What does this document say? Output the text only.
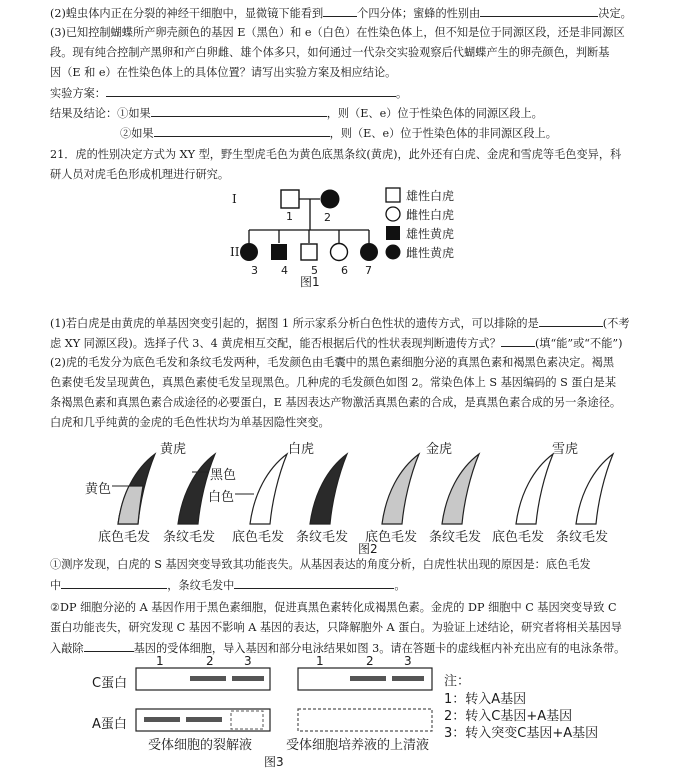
(2)蝗虫体内正在分裂的神经干细胞中，显微镜下能看到	个四分体；蜜蜂的性别由	决定。
(3)已知控制蝴蝶所产卵壳颜色的基因 E（黑色）和 e（白色）在性染色体上，但不知是位于同源区段，还是非同源区
段。现有纯合控制产黑卵和产白卵雌、雄个体多只，如何通过一代杂交实验观察后代蝴蝶产生的卵壳颜色，判断基
因（E 和 e）在性染色体上的具体位置？请写出实验方案及相应结论。
实验方案：	。
结果及结论：①如果	，则（E、e）位于性染色体的同源区段上。
②如果	，则（E、e）位于性染色体的非同源区段上。
21．虎的性别决定方式为 XY 型，野生型虎毛色为黄色底黑条纹(黄虎)，此外还有白虎、金虎和雪虎等毛色变异，科
研人员对虎毛色形成机理进行研究。
I
II
1	2
3 4 5 6 7
雄性白虎
雌性白虎
雄性黄虎
雌性黄虎
图1
(1)若白虎是由黄虎的单基因突变引起的，据图 1 所示家系分析白色性状的遗传方式，可以排除的是	(不考
虑 XY 同源区段)。选择子代 3、4 黄虎相互交配，能否根据后代的性状表现判断遗传方式？	(填“能”或“不能”)
(2)虎的毛发分为底色毛发和条纹毛发两种，毛发颜色由毛囊中的黑色素细胞分泌的真黑色素和褐黑色素决定。褐黑
色素使毛发呈现黄色，真黑色素使毛发呈现黑色。几种虎的毛发颜色如图 2。常染色体上 S 基因编码的 S 蛋白是某
条褐黑色素和真黑色素合成途径的必要蛋白，E 基因表达产物激活真黑色素的合成，是真黑色素合成的另一条途径。
白虎和几乎纯黄的金虎的毛色性状均为单基因隐性突变。
黄虎	白虎	金虎	雪虎
黄色
黑色
白色
底色毛发 条纹毛发 底色毛发 条纹毛发 底色毛发 条纹毛发 底色毛发 条纹毛发
图2
①测序发现，白虎的 S 基因突变导致其功能丧失。从基因表达的角度分析，白虎性状出现的原因是：底色毛发
中	，条纹毛发中	。
②DP 细胞分泌的 A 基因作用于黑色素细胞，促进真黑色素转化成褐黑色素。金虎的 DP 细胞中 C 基因突变导致 C
蛋白功能丧失，研究发现 C 基因不影响 A 基因的表达，只降解胞外 A 蛋白。为验证上述结论，研究者将相关基因导
入敲除	基因的受体细胞，导入基因和部分电泳结果如图 3。请在答题卡的虚线框内补充出应有的电泳条带。
1	2	3	1	2	3
C蛋白
A蛋白
受体细胞的裂解液	受体细胞培养液的上清液
注：
1：转入A基因
2：转入C基因+A基因
3：转入突变C基因+A基因
图3
